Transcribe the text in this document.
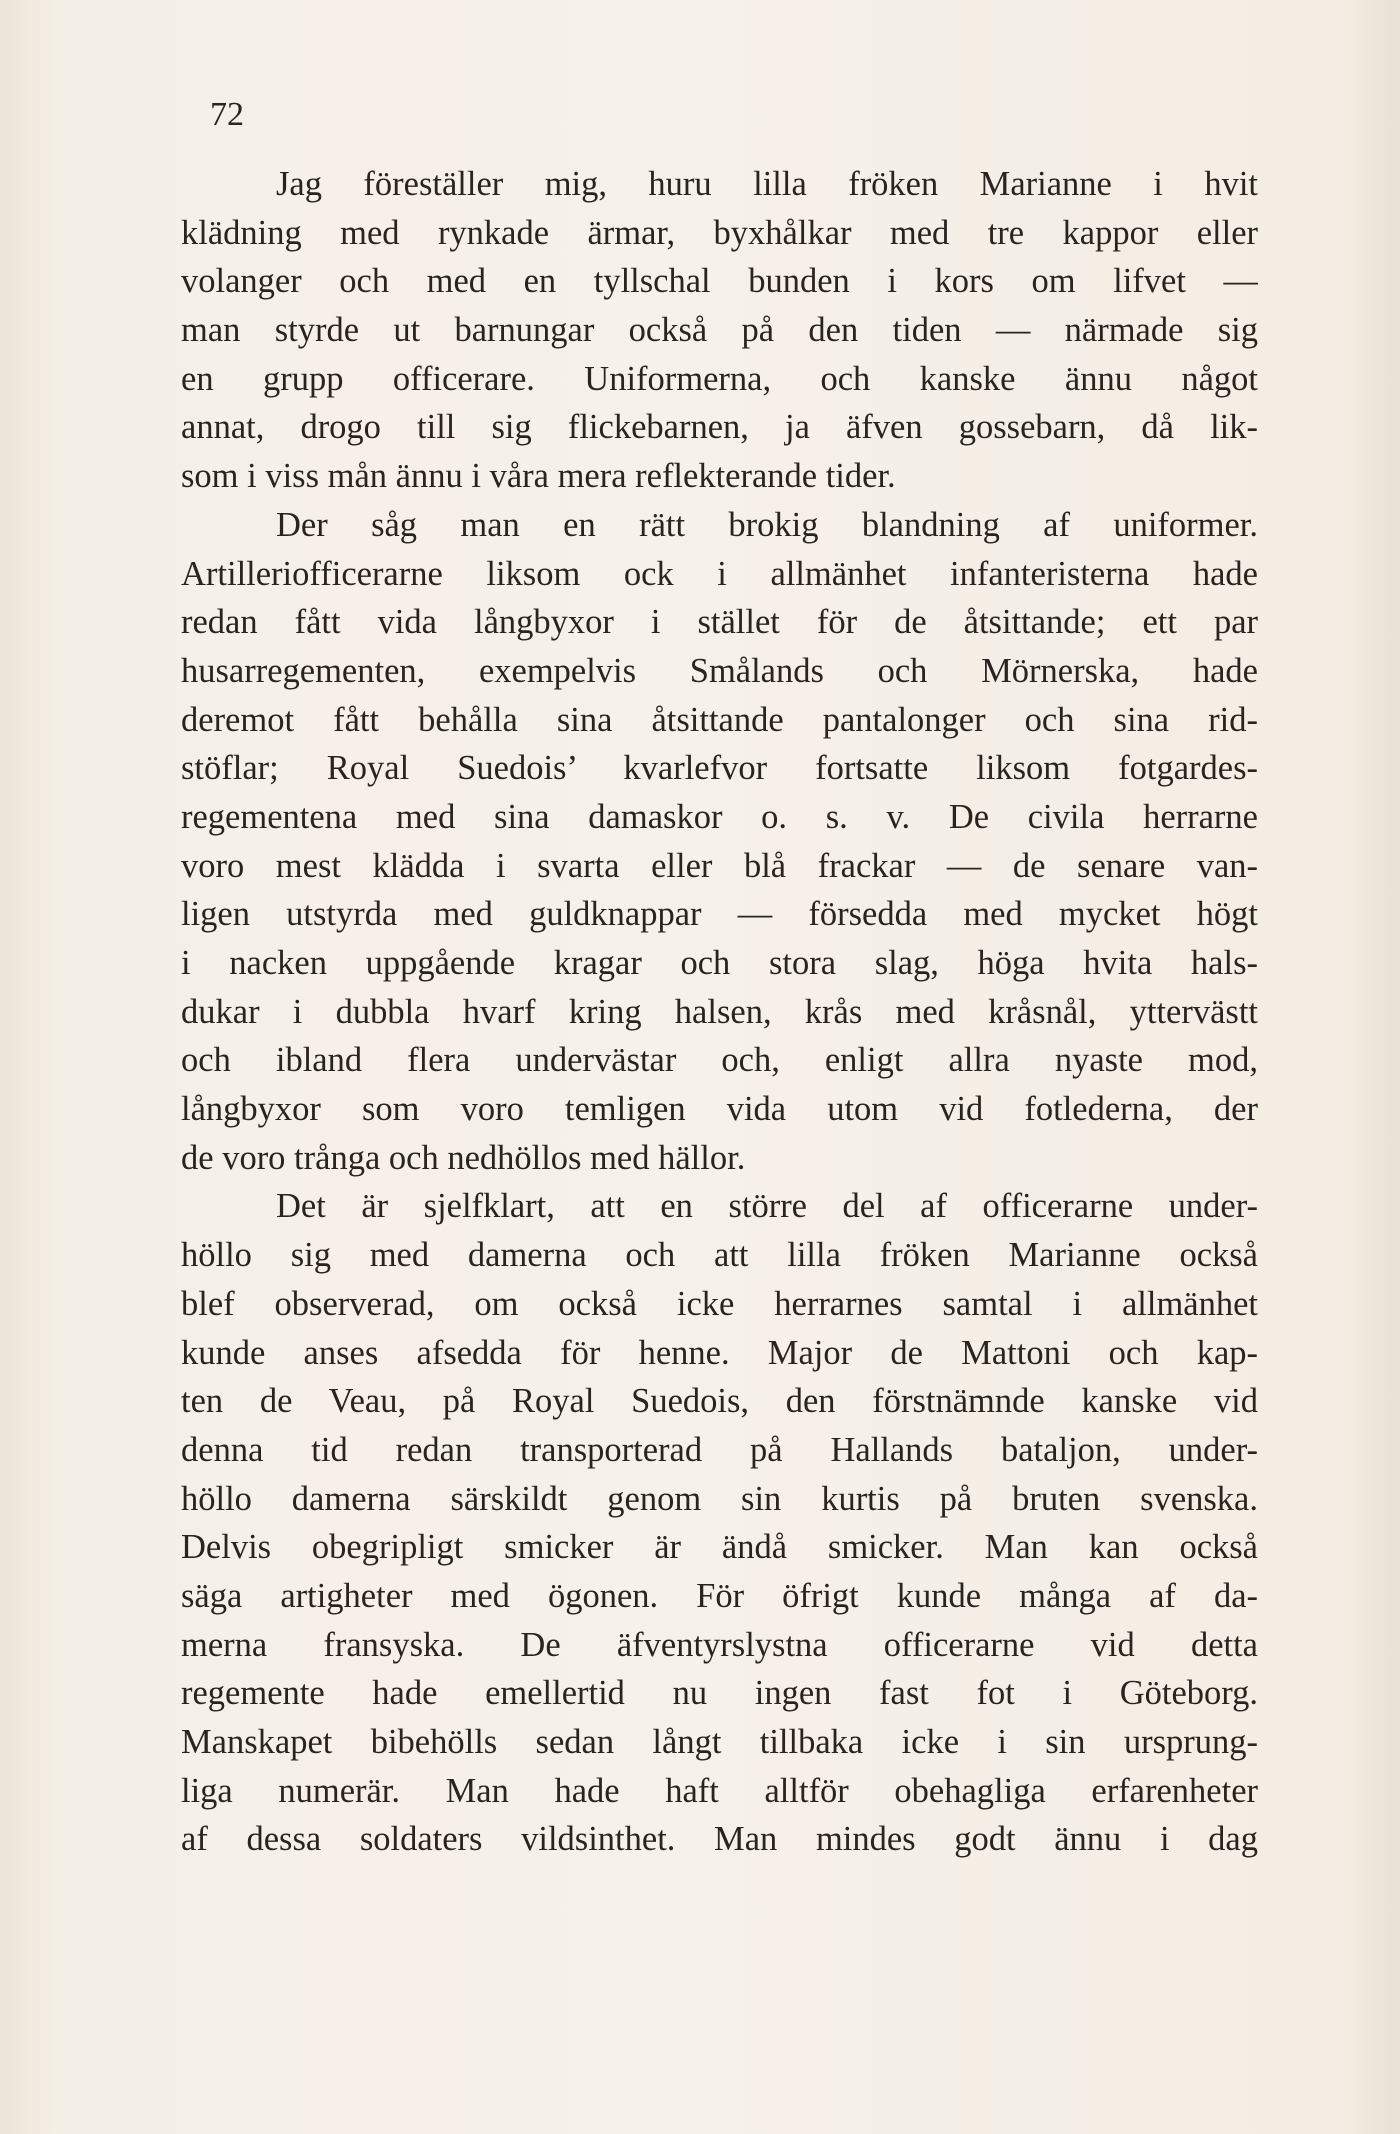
72
Jag föreställer mig, huru lilla fröken Marianne i hvit
klädning med rynkade ärmar, byxhålkar med tre kappor eller
volanger och med en tyllschal bunden i kors om lifvet —
man styrde ut barnungar också på den tiden — närmade sig
en grupp officerare. Uniformerna, och kanske ännu något
annat, drogo till sig flickebarnen, ja äfven gossebarn, då lik-
som i viss mån ännu i våra mera reflekterande tider.
Der såg man en rätt brokig blandning af uniformer.
Artilleriofficerarne liksom ock i allmänhet infanteristerna hade
redan fått vida långbyxor i stället för de åtsittande; ett par
husarregementen, exempelvis Smålands och Mörnerska, hade
deremot fått behålla sina åtsittande pantalonger och sina rid-
stöflar; Royal Suedois’ kvarlefvor fortsatte liksom fotgardes-
regementena med sina damaskor o. s. v. De civila herrarne
voro mest klädda i svarta eller blå frackar — de senare van-
ligen utstyrda med guldknappar — försedda med mycket högt
i nacken uppgående kragar och stora slag, höga hvita hals-
dukar i dubbla hvarf kring halsen, krås med kråsnål, yttervästt
och ibland flera undervästar och, enligt allra nyaste mod,
långbyxor som voro temligen vida utom vid fotlederna, der
de voro trånga och nedhöllos med hällor.
Det är sjelfklart, att en större del af officerarne under-
höllo sig med damerna och att lilla fröken Marianne också
blef observerad, om också icke herrarnes samtal i allmänhet
kunde anses afsedda för henne. Major de Mattoni och kap-
ten de Veau, på Royal Suedois, den förstnämnde kanske vid
denna tid redan transporterad på Hallands bataljon, under-
höllo damerna särskildt genom sin kurtis på bruten svenska.
Delvis obegripligt smicker är ändå smicker. Man kan också
säga artigheter med ögonen. För öfrigt kunde många af da-
merna fransyska. De äfventyrslystna officerarne vid detta
regemente hade emellertid nu ingen fast fot i Göteborg.
Manskapet bibehölls sedan långt tillbaka icke i sin ursprung-
liga numerär. Man hade haft alltför obehagliga erfarenheter
af dessa soldaters vildsinthet. Man mindes godt ännu i dag
